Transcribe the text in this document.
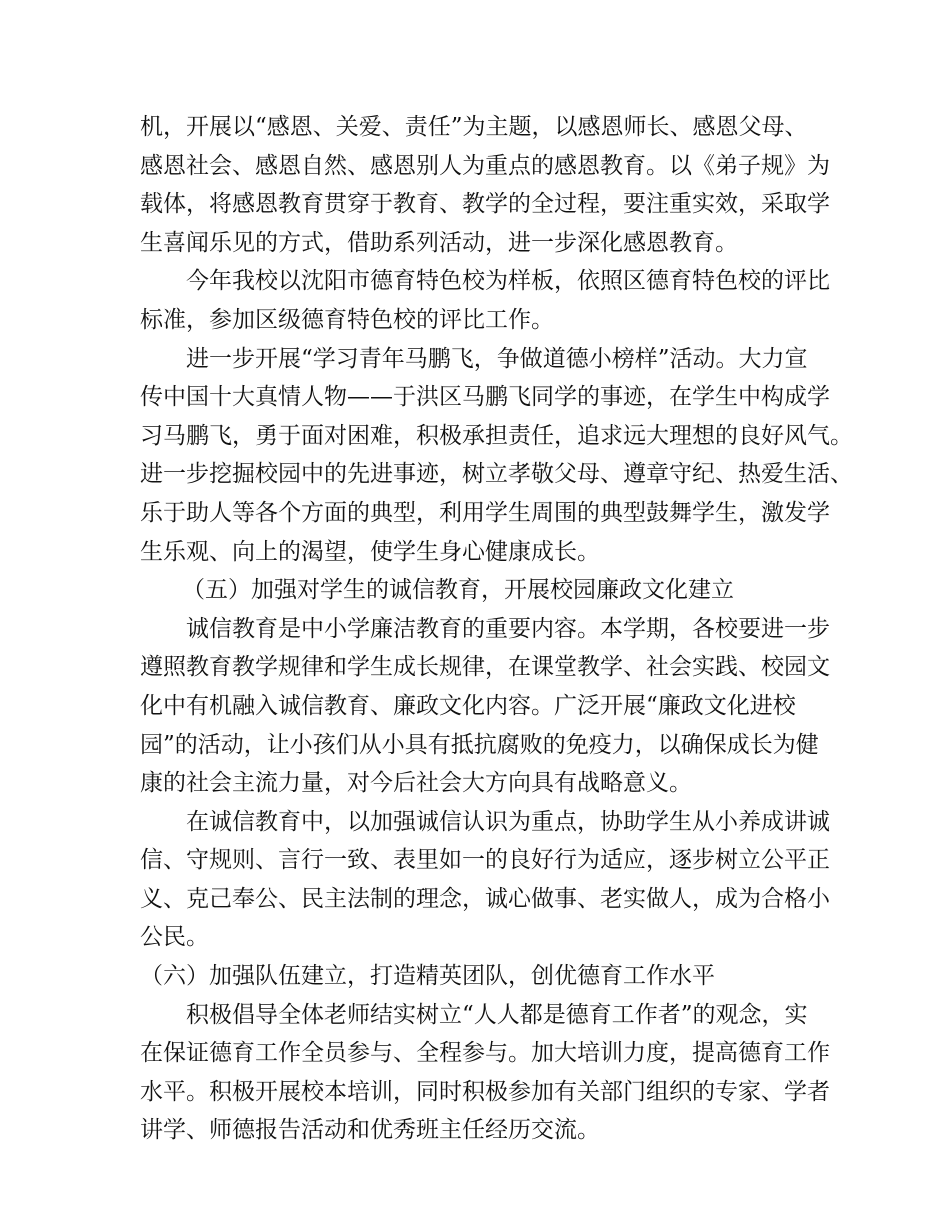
机，开展以“感恩、关爱、责任”为主题，以感恩师长、感恩父母、
感恩社会、感恩自然、感恩别人为重点的感恩教育。以《弟子规》为
载体，将感恩教育贯穿于教育、教学的全过程，要注重实效，采取学
生喜闻乐见的方式，借助系列活动，进一步深化感恩教育。
今年我校以沈阳市德育特色校为样板，依照区德育特色校的评比
标准，参加区级德育特色校的评比工作。
进一步开展“学习青年马鹏飞，争做道德小榜样”活动。大力宣
传中国十大真情人物——于洪区马鹏飞同学的事迹，在学生中构成学
习马鹏飞，勇于面对困难，积极承担责任，追求远大理想的良好风气。
进一步挖掘校园中的先进事迹，树立孝敬父母、遵章守纪、热爱生活、
乐于助人等各个方面的典型，利用学生周围的典型鼓舞学生，激发学
生乐观、向上的渴望，使学生身心健康成长。
（五）加强对学生的诚信教育，开展校园廉政文化建立
诚信教育是中小学廉洁教育的重要内容。本学期，各校要进一步
遵照教育教学规律和学生成长规律，在课堂教学、社会实践、校园文
化中有机融入诚信教育、廉政文化内容。广泛开展“廉政文化进校
园”的活动，让小孩们从小具有抵抗腐败的免疫力，以确保成长为健
康的社会主流力量，对今后社会大方向具有战略意义。
在诚信教育中，以加强诚信认识为重点，协助学生从小养成讲诚
信、守规则、言行一致、表里如一的良好行为适应，逐步树立公平正
义、克己奉公、民主法制的理念，诚心做事、老实做人，成为合格小
公民。
（六）加强队伍建立，打造精英团队，创优德育工作水平
积极倡导全体老师结实树立“人人都是德育工作者”的观念，实
在保证德育工作全员参与、全程参与。加大培训力度，提高德育工作
水平。积极开展校本培训，同时积极参加有关部门组织的专家、学者
讲学、师德报告活动和优秀班主任经历交流。
